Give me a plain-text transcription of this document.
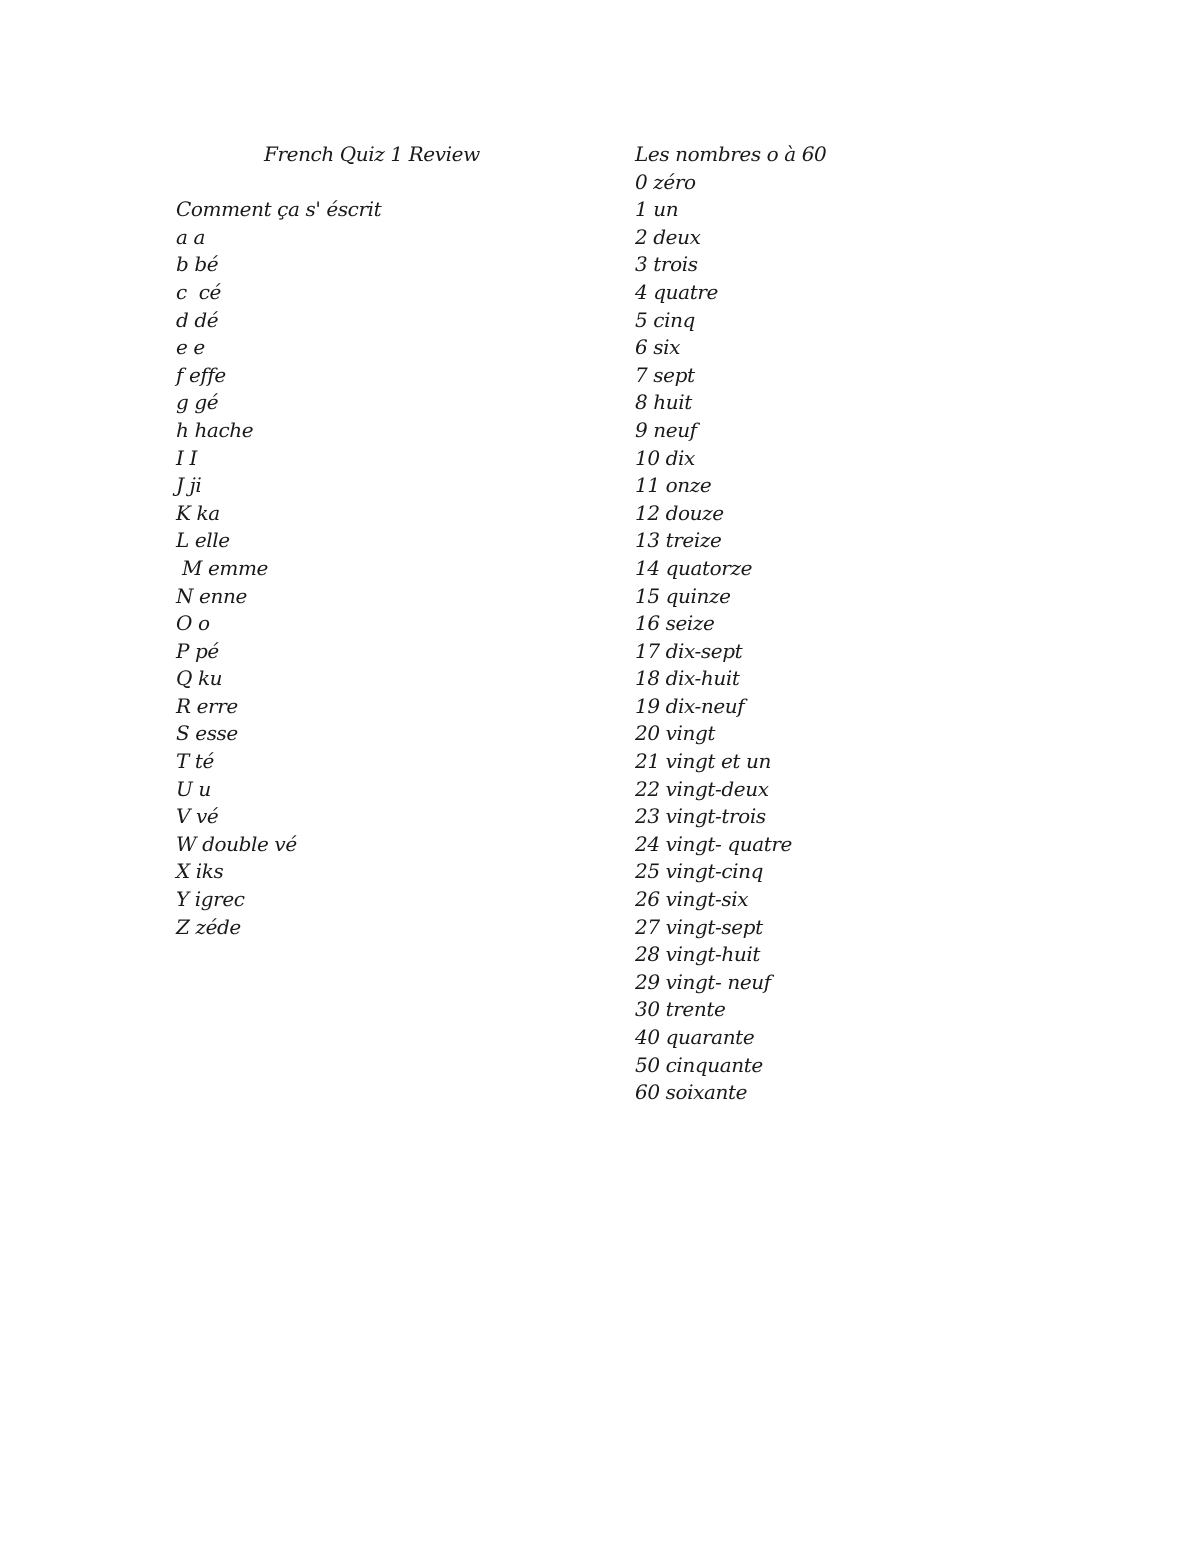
French Quiz 1 Review
Comment ça s' éscrit
a a
b bé
c  cé
d dé
e e
f effe
g gé
h hache
I I
J ji
K ka
L elle
M emme
N enne
O o
P pé
Q ku
R erre
S esse
T té
U u
V vé
W double vé
X iks
Y igrec
Z zéde
Les nombres o à 60
0 zéro
1 un
2 deux
3 trois
4 quatre
5 cinq
6 six
7 sept
8 huit
9 neuf
10 dix
11 onze
12 douze
13 treize
14 quatorze
15 quinze
16 seize
17 dix-sept
18 dix-huit
19 dix-neuf
20 vingt
21 vingt et un
22 vingt-deux
23 vingt-trois
24 vingt- quatre
25 vingt-cinq
26 vingt-six
27 vingt-sept
28 vingt-huit
29 vingt- neuf
30 trente
40 quarante
50 cinquante
60 soixante
